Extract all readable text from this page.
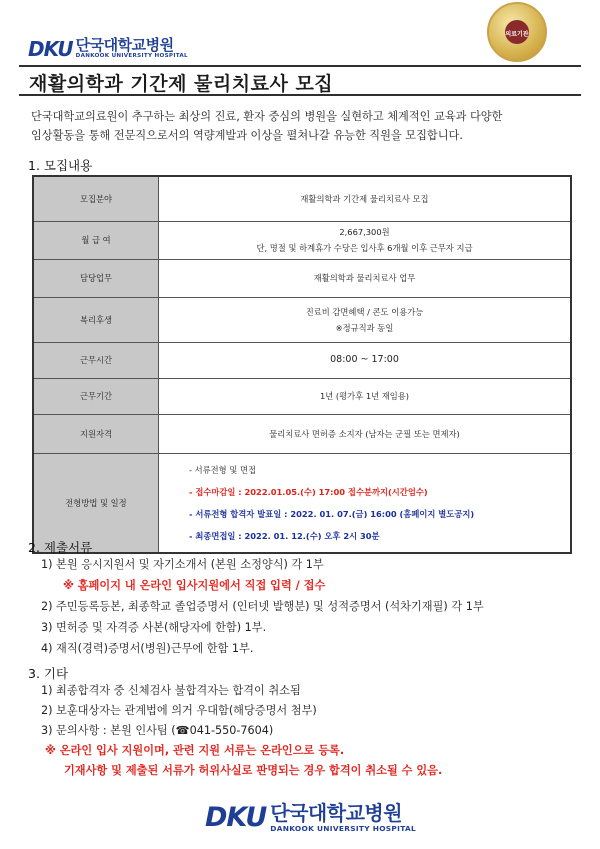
DKU 단국대학교병원
DANKOOK UNIVERSITY HOSPITAL
의료기관
재활의학과 기간제 물리치료사 모집
단국대학교의료원이 추구하는 최상의 진료, 환자 중심의 병원을 실현하고 체계적인 교육과 다양한
임상활동을 통해 전문직으로서의 역량계발과 이상을 펼쳐나갈 유능한 직원을 모집합니다.
1. 모집내용
모집분야	재활의학과 기간제 물리치료사 모집

월 급 여	2,667,300원
단, 명절 및 하계휴가 수당은 입사후 6개월 이후 근무자 지급

담당업무	재활의학과 물리치료사 업무

복리후생	진료비 감면혜택 / 콘도 이용가능
※정규직과 동일

근무시간	08:00 ~ 17:00

근무기간	1년 (평가후 1년 재임용)

지원자격	물리치료사 면허증 소지자 (남자는 군필 또는 면제자)

전형방법 및 일정	- 서류전형 및 면접
- 접수마감일 : 2022.01.05.(수) 17:00 접수분까지(시간엄수)
- 서류전형 합격자 발표일 : 2022. 01. 07.(금) 16:00 (홈페이지 별도공지)
- 최종면접일 : 2022. 01. 12.(수) 오후 2시 30분
2. 제출서류
1) 본원 응시지원서 및 자기소개서 (본원 소정양식) 각 1부
※ 홈페이지 내 온라인 입사지원에서 직접 입력 / 접수
2) 주민등록등본, 최종학교 졸업증명서 (인터넷 발행분) 및 성적증명서 (석차기재필) 각 1부
3) 면허증 및 자격증 사본(해당자에 한함) 1부.
4) 재직(경력)증명서(병원)근무에 한함 1부.
3. 기타
1) 최종합격자 중 신체검사 불합격자는 합격이 취소됨
2) 보훈대상자는 관계법에 의거 우대함(해당증명서 첨부)
3) 문의사항 : 본원 인사팀 (☎041-550-7604)
※ 온라인 입사 지원이며, 관련 지원 서류는 온라인으로 등록.
기재사항 및 제출된 서류가 허위사실로 판명되는 경우 합격이 취소될 수 있음.
DKU 단국대학교병원
DANKOOK UNIVERSITY HOSPITAL
